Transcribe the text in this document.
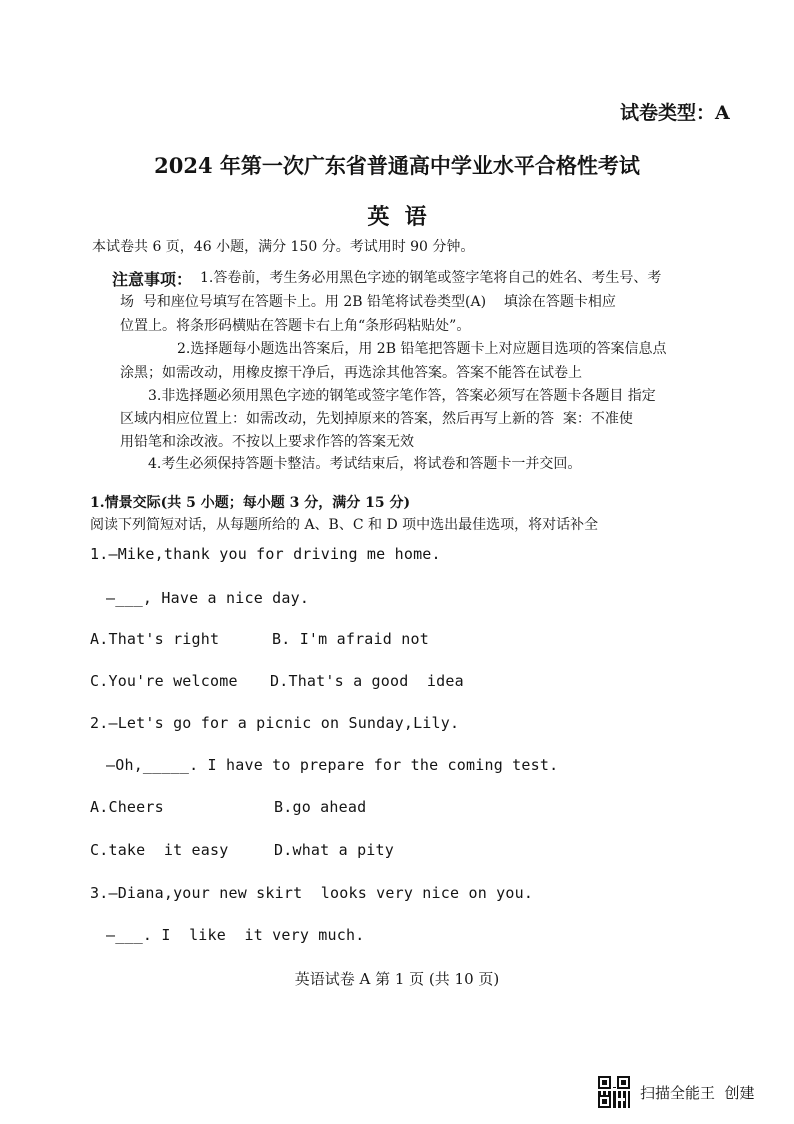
试卷类型：A
2024 年第一次广东省普通高中学业水平合格性考试
英  语
本试卷共 6 页，46 小题，满分 150 分。考试用时 90 分钟。
注意事项： 1.答卷前，考生务必用黑色字迹的钢笔或签字笔将自己的姓名、考生号、考
场  号和座位号填写在答题卡上。用 2B 铅笔将试卷类型(A)    填涂在答题卡相应
位置上。将条形码横贴在答题卡右上角“条形码粘贴处”。
2.选择题每小题选出答案后，用 2B 铅笔把答题卡上对应题目选项的答案信息点
涂黑；如需改动，用橡皮擦干净后，再选涂其他答案。答案不能答在试卷上
3.非选择题必须用黑色字迹的钢笔或签字笔作答，答案必须写在答题卡各题目 指定
区域内相应位置上：如需改动，先划掉原来的答案，然后再写上新的答  案：不准使
用铅笔和涂改液。不按以上要求作答的答案无效
4.考生必须保持答题卡整洁。考试结束后，将试卷和答题卡一并交回。
1.情景交际(共 5 小题；每小题 3 分，满分 15 分)
阅读下列简短对话，从每题所给的 A、B、C 和 D 项中选出最佳选项，将对话补全
1.—Mike,thank you for driving me home.
—___, Have a nice day.
A.That's right	B. I'm afraid not
C.You're welcome D.That's a good  idea
2.—Let's go for a picnic on Sunday,Lily.
—Oh,_____. I have to prepare for the coming test.
A.Cheers	B.go ahead
C.take  it easy	D.what a pity
3.—Diana,your new skirt  looks very nice on you.
—___. I  like  it very much.
英语试卷 A 第 1 页 (共 10 页)
扫描全能王  创建
